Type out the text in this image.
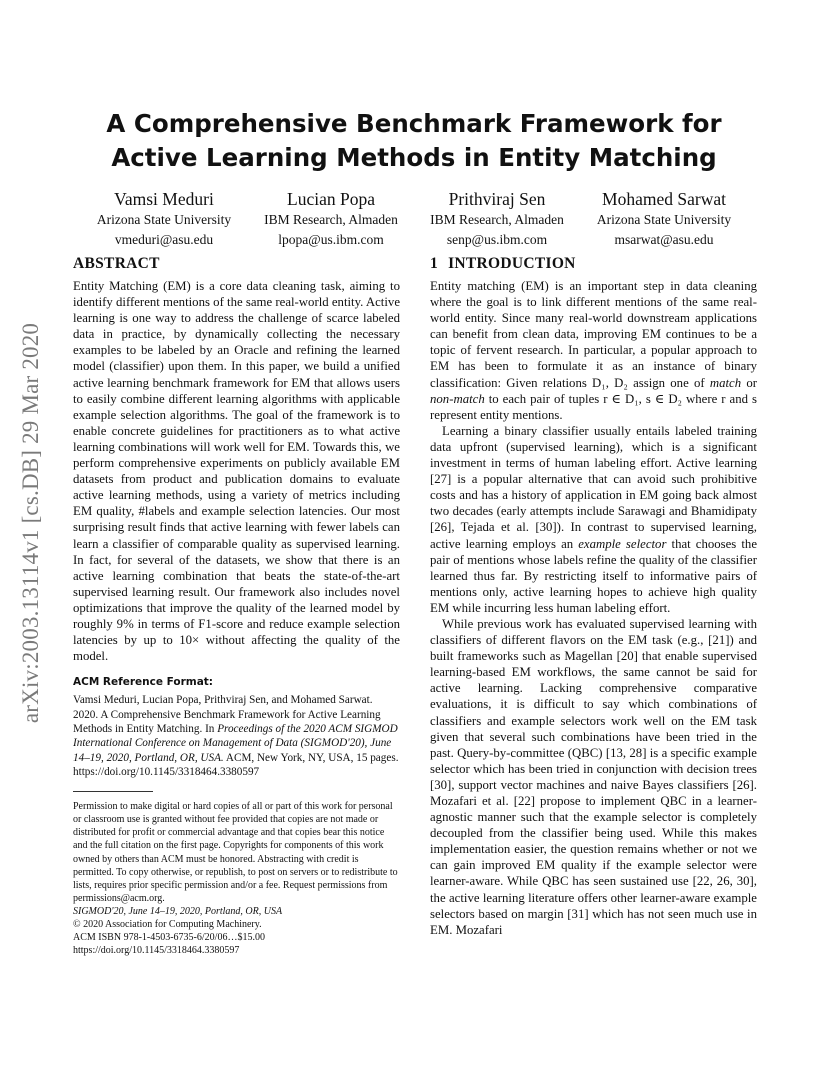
arXiv:2003.13114v1 [cs.DB] 29 Mar 2020
A Comprehensive Benchmark Framework for Active Learning Methods in Entity Matching
Vamsi Meduri
Arizona State University
vmeduri@asu.edu
Lucian Popa
IBM Research, Almaden
lpopa@us.ibm.com
Prithviraj Sen
IBM Research, Almaden
senp@us.ibm.com
Mohamed Sarwat
Arizona State University
msarwat@asu.edu
ABSTRACT

Entity Matching (EM) is a core data cleaning task, aiming to identify different mentions of the same real-world entity. Active learning is one way to address the challenge of scarce labeled data in practice, by dynamically collecting the necessary examples to be labeled by an Oracle and refining the learned model (classifier) upon them. In this paper, we build a unified active learning benchmark framework for EM that allows users to easily combine different learning algorithms with applicable example selection algorithms. The goal of the framework is to enable concrete guidelines for practitioners as to what active learning combinations will work well for EM. Towards this, we perform comprehensive experiments on publicly available EM datasets from product and publication domains to evaluate active learning methods, using a variety of metrics including EM quality, #labels and example selection latencies. Our most surprising result finds that active learning with fewer labels can learn a classifier of comparable quality as supervised learning. In fact, for several of the datasets, we show that there is an active learning combination that beats the state-of-the-art supervised learning result. Our framework also includes novel optimizations that improve the quality of the learned model by roughly 9% in terms of F1-score and reduce example selection latencies by up to 10× without affecting the quality of the model.

ACM Reference Format:

Vamsi Meduri, Lucian Popa, Prithviraj Sen, and Mohamed Sarwat. 2020. A Comprehensive Benchmark Framework for Active Learning Methods in Entity Matching. In Proceedings of the 2020 ACM SIGMOD International Conference on Management of Data (SIGMOD'20), June 14–19, 2020, Portland, OR, USA. ACM, New York, NY, USA, 15 pages. https://doi.org/10.1145/3318464.3380597

Permission to make digital or hard copies of all or part of this work for personal or classroom use is granted without fee provided that copies are not made or distributed for profit or commercial advantage and that copies bear this notice and the full citation on the first page. Copyrights for components of this work owned by others than ACM must be honored. Abstracting with credit is permitted. To copy otherwise, or republish, to post on servers or to redistribute to lists, requires prior specific permission and/or a fee. Request permissions from permissions@acm.org.

SIGMOD'20, June 14–19, 2020, Portland, OR, USA

© 2020 Association for Computing Machinery.

ACM ISBN 978-1-4503-6735-6/20/06…$15.00

https://doi.org/10.1145/3318464.3380597

1 INTRODUCTION

Entity matching (EM) is an important step in data cleaning where the goal is to link different mentions of the same real-world entity. Since many real-world downstream applications can benefit from clean data, improving EM continues to be a topic of fervent research. In particular, a popular approach to EM has been to formulate it as an instance of binary classification: Given relations D₁, D₂ assign one of match or non-match to each pair of tuples r ∈ D₁, s ∈ D₂ where r and s represent entity mentions.

Learning a binary classifier usually entails labeled training data upfront (supervised learning), which is a significant investment in terms of human labeling effort. Active learning [27] is a popular alternative that can avoid such prohibitive costs and has a history of application in EM going back almost two decades (early attempts include Sarawagi and Bhamidipaty [26], Tejada et al. [30]). In contrast to supervised learning, active learning employs an example selector that chooses the pair of mentions whose labels refine the quality of the classifier learned thus far. By restricting itself to informative pairs of mentions only, active learning hopes to achieve high quality EM while incurring less human labeling effort.

While previous work has evaluated supervised learning with classifiers of different flavors on the EM task (e.g., [21]) and built frameworks such as Magellan [20] that enable supervised learning-based EM workflows, the same cannot be said for active learning. Lacking comprehensive comparative evaluations, it is difficult to say which combinations of classifiers and example selectors work well on the EM task given that several such combinations have been tried in the past. Query-by-committee (QBC) [13, 28] is a specific example selector which has been tried in conjunction with decision trees [30], support vector machines and naive Bayes classifiers [26]. Mozafari et al. [22] propose to implement QBC in a learner-agnostic manner such that the example selector is completely decoupled from the classifier being used. While this makes implementation easier, the question remains whether or not we can gain improved EM quality if the example selector were learner-aware. While QBC has seen sustained use [22, 26, 30], the active learning literature offers other learner-aware example selectors based on margin [31] which has not seen much use in EM. Mozafari
